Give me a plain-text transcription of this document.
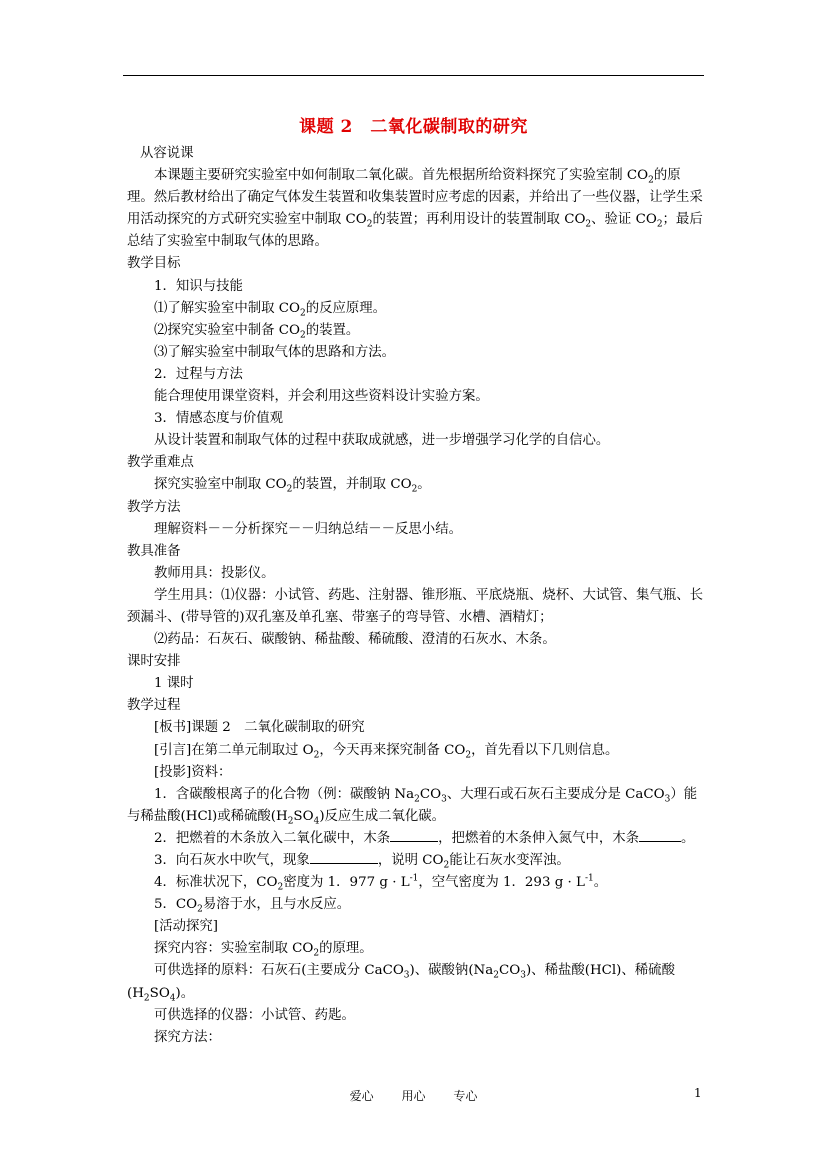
课题 2　二氧化碳制取的研究

从容说课

本课题主要研究实验室中如何制取二氧化碳。首先根据所给资料探究了实验室制 $CO_2$的原理。然后教材给出了确定气体发生装置和收集装置时应考虑的因素，并给出了一些仪器，让学生采用活动探究的方式研究实验室中制取 $CO_2$的装置；再利用设计的装置制取 $CO_2$、验证 $CO_2$；最后总结了实验室中制取气体的思路。

教学目标

1．知识与技能

⑴了解实验室中制取 $CO_2$的反应原理。

⑵探究实验室中制备 $CO_2$的装置。

⑶了解实验室中制取气体的思路和方法。

2．过程与方法

能合理使用课堂资料，并会利用这些资料设计实验方案。

3．情感态度与价值观

从设计装置和制取气体的过程中获取成就感，进一步增强学习化学的自信心。

教学重难点

探究实验室中制取 $CO_2$的装置，并制取 $CO_2$。

教学方法

理解资料－－分析探究－－归纳总结－－反思小结。

教具准备

教师用具：投影仪。

学生用具：⑴仪器：小试管、药匙、注射器、锥形瓶、平底烧瓶、烧杯、大试管、集气瓶、长颈漏斗、(带导管的)双孔塞及单孔塞、带塞子的弯导管、水槽、酒精灯；

⑵药品：石灰石、碳酸钠、稀盐酸、稀硫酸、澄清的石灰水、木条。

课时安排

1 课时

教学过程

[板书]课题 2　二氧化碳制取的研究

[引言]在第二单元制取过 $O_2$，今天再来探究制备 $CO_2$，首先看以下几则信息。

[投影]资料：

1．含碳酸根离子的化合物（例：碳酸钠 $Na_2CO_3$、大理石或石灰石主要成分是 CaCO$_3$）能与稀盐酸(HCl)或稀硫酸$(H_2SO_4)$反应生成二氧化碳。

2．把燃着的木条放入二氧化碳中，木条	，把燃着的木条伸入氮气中，木条	。

3．向石灰水中吹气，现象	，说明 $CO_2$能让石灰水变浑浊。

4．标准状况下，$CO_2$密度为 1．977 $g \cdot L^{-1}$，空气密度为 1．293 $g \cdot L^{-1}$。

5．$CO_2$易溶于水，且与水反应。

[活动探究]

探究内容：实验室制取 $CO_2$的原理。

可供选择的原料：石灰石(主要成分 CaCO$_3$)、碳酸钠$(Na_2CO_3)$、稀盐酸(HCl)、稀硫酸$(H_2SO_4)$。

可供选择的仪器：小试管、药匙。

探究方法：

爱心 用心 专心	1
